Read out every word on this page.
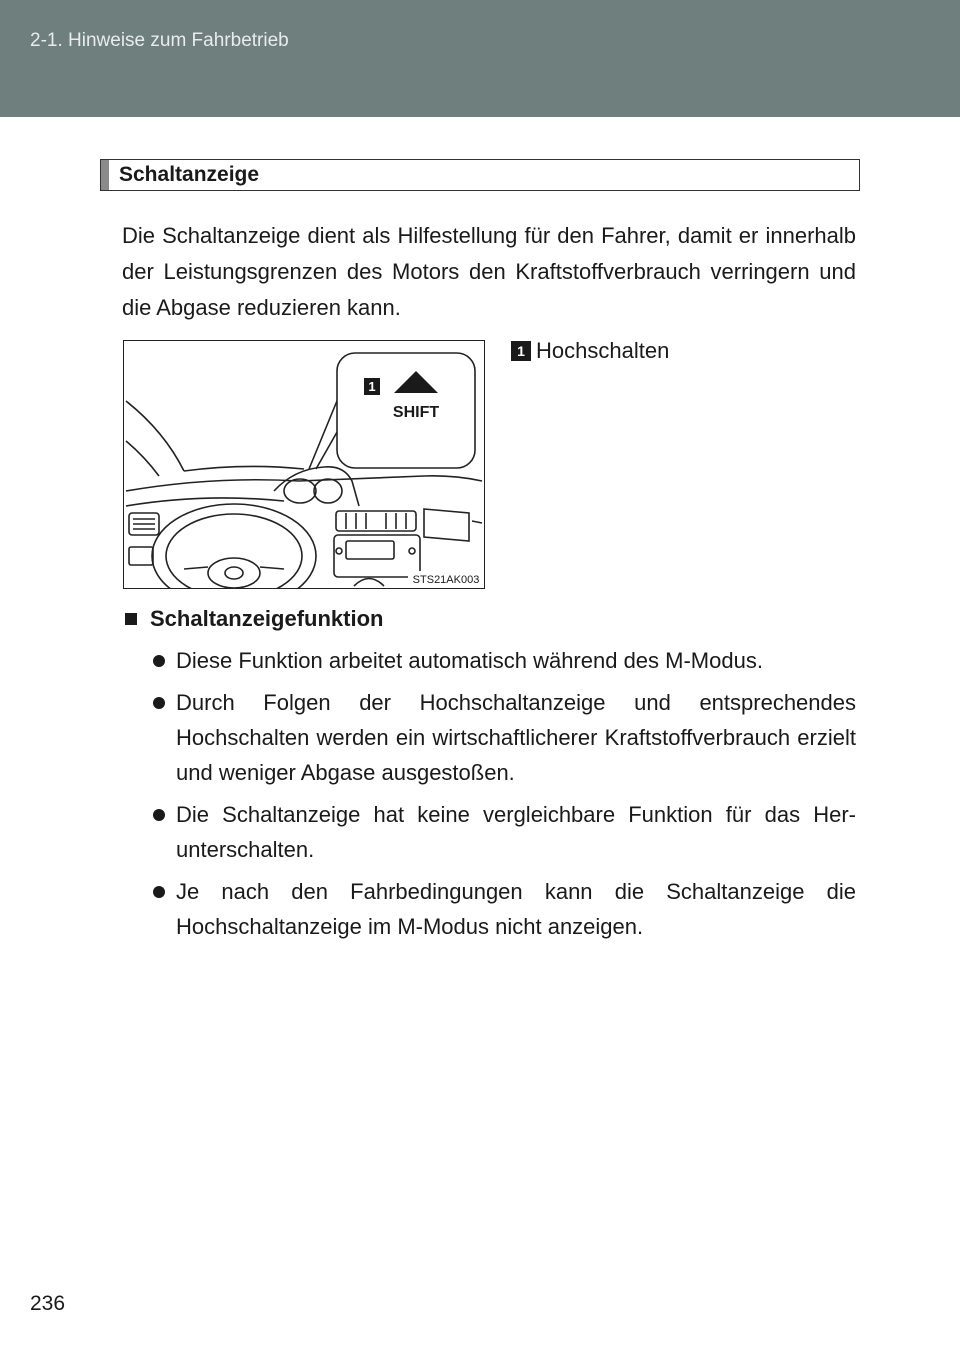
2-1. Hinweise zum Fahrbetrieb
Schaltanzeige

Die Schaltanzeige dient als Hilfestellung für den Fahrer, damit er innerhalb der Leistungsgrenzen des Motors den Kraftstoffverbrauch verringern und die Abgase reduzieren kann.

1
SHIFT
STS21AK003
1 Hochschalten
Schaltanzeigefunktion
Diese Funktion arbeitet automatisch während des M-Modus.
Durch Folgen der Hochschaltanzeige und entsprechendes Hochschalten werden ein wirtschaftlicherer Kraftstoffverbrauch erzielt und weniger Abgase ausgestoßen.
Die Schaltanzeige hat keine vergleichbare Funktion für das Her-unterschalten.
Je nach den Fahrbedingungen kann die Schaltanzeige die Hochschaltanzeige im M-Modus nicht anzeigen.
236
